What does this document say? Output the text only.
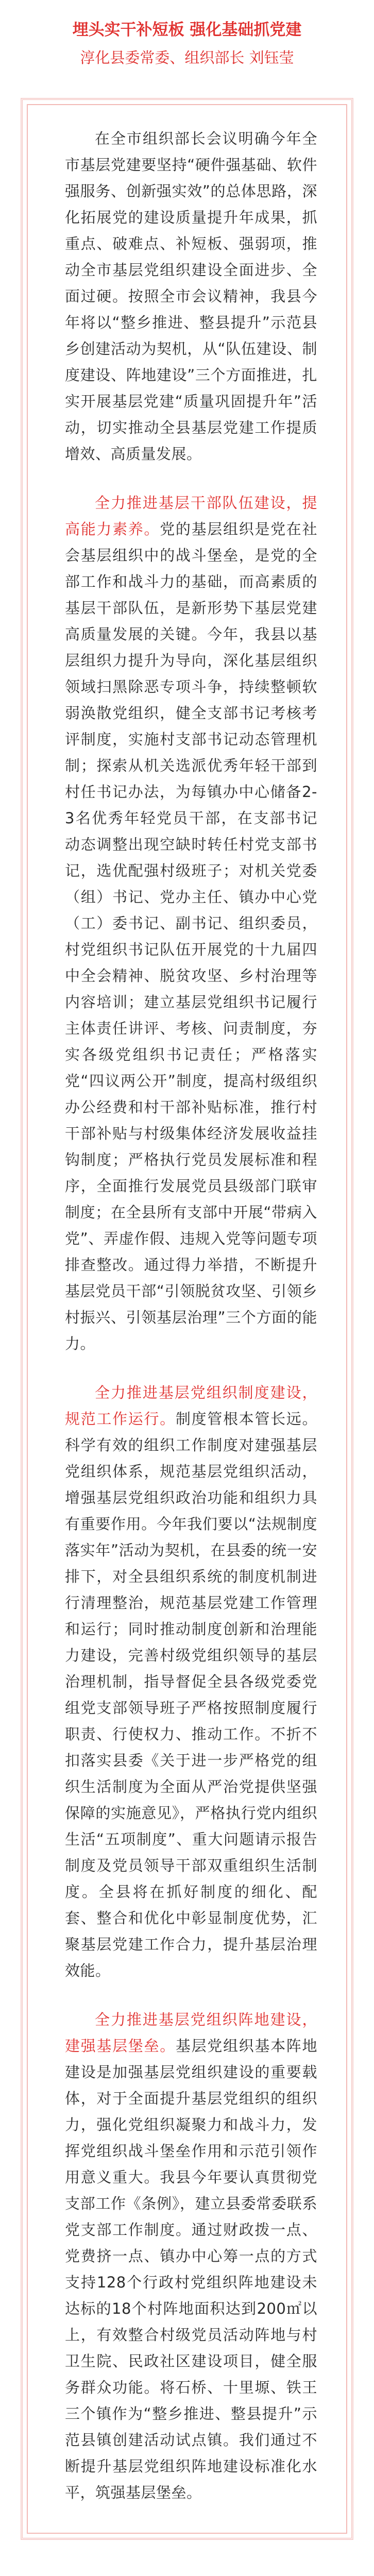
埋头实干补短板 强化基础抓党建

淳化县委常委、组织部长 刘钰莹

在全市组织部长会议明确今年全市基层党建要坚持“硬件强基础、软件强服务、创新强实效”的总体思路，深化拓展党的建设质量提升年成果，抓重点、破难点、补短板、强弱项，推动全市基层党组织建设全面进步、全面过硬。按照全市会议精神，我县今年将以“整乡推进、整县提升”示范县乡创建活动为契机，从“队伍建设、制度建设、阵地建设”三个方面推进，扎实开展基层党建“质量巩固提升年”活动，切实推动全县基层党建工作提质增效、高质量发展。

全力推进基层干部队伍建设，提高能力素养。党的基层组织是党在社会基层组织中的战斗堡垒，是党的全部工作和战斗力的基础，而高素质的基层干部队伍，是新形势下基层党建高质量发展的关键。今年，我县以基层组织力提升为导向，深化基层组织领域扫黑除恶专项斗争，持续整顿软弱涣散党组织，健全支部书记考核考评制度，实施村支部书记动态管理机制；探索从机关选派优秀年轻干部到村任书记办法，为每镇办中心储备2-3名优秀年轻党员干部，在支部书记动态调整出现空缺时转任村党支部书记，选优配强村级班子；对机关党委（组）书记、党办主任、镇办中心党（工）委书记、副书记、组织委员，村党组织书记队伍开展党的十九届四中全会精神、脱贫攻坚、乡村治理等内容培训；建立基层党组织书记履行主体责任讲评、考核、问责制度，夯实各级党组织书记责任；严格落实党“四议两公开”制度，提高村级组织办公经费和村干部补贴标准，推行村干部补贴与村级集体经济发展收益挂钩制度；严格执行党员发展标准和程序，全面推行发展党员县级部门联审制度；在全县所有支部中开展“带病入党”、弄虚作假、违规入党等问题专项排查整改。通过得力举措，不断提升基层党员干部“引领脱贫攻坚、引领乡村振兴、引领基层治理”三个方面的能力。

全力推进基层党组织制度建设，规范工作运行。制度管根本管长远。科学有效的组织工作制度对建强基层党组织体系，规范基层党组织活动，增强基层党组织政治功能和组织力具有重要作用。今年我们要以“法规制度落实年”活动为契机，在县委的统一安排下，对全县组织系统的制度机制进行清理整治，规范基层党建工作管理和运行；同时推动制度创新和治理能力建设，完善村级党组织领导的基层治理机制，指导督促全县各级党委党组党支部领导班子严格按照制度履行职责、行使权力、推动工作。不折不扣落实县委《关于进一步严格党的组织生活制度为全面从严治党提供坚强保障的实施意见》，严格执行党内组织生活“五项制度”、重大问题请示报告制度及党员领导干部双重组织生活制度。全县将在抓好制度的细化、配套、整合和优化中彰显制度优势，汇聚基层党建工作合力，提升基层治理效能。

全力推进基层党组织阵地建设，建强基层堡垒。基层党组织基本阵地建设是加强基层党组织建设的重要载体，对于全面提升基层党组织的组织力，强化党组织凝聚力和战斗力，发挥党组织战斗堡垒作用和示范引领作用意义重大。我县今年要认真贯彻党支部工作《条例》，建立县委常委联系党支部工作制度。通过财政拨一点、党费挤一点、镇办中心筹一点的方式支持128个行政村党组织阵地建设未达标的18个村阵地面积达到200㎡以上，有效整合村级党员活动阵地与村卫生院、民政社区建设项目，健全服务群众功能。将石桥、十里塬、铁王三个镇作为“整乡推进、整县提升”示范县镇创建活动试点镇。我们通过不断提升基层党组织阵地建设标准化水平，筑强基层堡垒。
